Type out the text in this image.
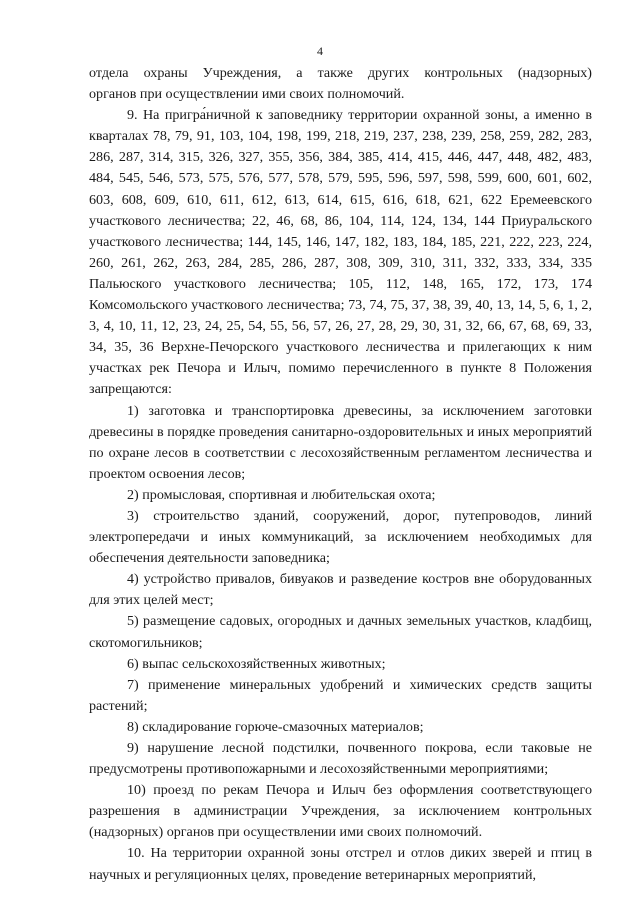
4

отдела охраны Учреждения, а также других контрольных (надзорных)
органов при осуществлении ими своих полномочий.

9. На пригра́ничной к заповеднику территории охранной зоны, а именно в кварталах 78, 79, 91, 103, 104, 198, 199, 218, 219, 237, 238, 239, 258, 259, 282, 283, 286, 287, 314, 315, 326, 327, 355, 356, 384, 385, 414, 415, 446, 447, 448, 482, 483, 484, 545, 546, 573, 575, 576, 577, 578, 579, 595, 596, 597, 598, 599, 600, 601, 602, 603, 608, 609, 610, 611, 612, 613, 614, 615, 616, 618, 621, 622 Еремеевского участкового лесничества; 22, 46, 68, 86, 104, 114, 124, 134, 144 Приуральского участкового лесничества; 144, 145, 146, 147, 182, 183, 184, 185, 221, 222, 223, 224, 260, 261, 262, 263, 284, 285, 286, 287, 308, 309, 310, 311, 332, 333, 334, 335 Пальюского участкового лесничества; 105, 112, 148, 165, 172, 173, 174 Комсомольского участкового лесничества; 73, 74, 75, 37, 38, 39, 40, 13, 14, 5, 6, 1, 2, 3, 4, 10, 11, 12, 23, 24, 25, 54, 55, 56, 57, 26, 27, 28, 29, 30, 31, 32, 66, 67, 68, 69, 33, 34, 35, 36 Верхне-Печорского участкового лесничества и прилегающих к ним участках рек Печора и Илыч, помимо перечисленного в пункте 8 Положения запрещаются:

1) заготовка и транспортировка древесины, за исключением заготовки древесины в порядке проведения санитарно-оздоровительных и иных мероприятий по охране лесов в соответствии с лесохозяйственным регламентом лесничества и проектом освоения лесов;

2) промысловая, спортивная и любительская охота;

3) строительство зданий, сооружений, дорог, путепроводов, линий электропередачи и иных коммуникаций, за исключением необходимых для обеспечения деятельности заповедника;

4) устройство привалов, бивуаков и разведение костров вне оборудованных для этих целей мест;

5) размещение садовых, огородных и дачных земельных участков, кладбищ, скотомогильников;

6) выпас сельскохозяйственных животных;

7) применение минеральных удобрений и химических средств защиты растений;

8) складирование горюче-смазочных материалов;

9) нарушение лесной подстилки, почвенного покрова, если таковые не предусмотрены противопожарными и лесохозяйственными мероприятиями;

10) проезд по рекам Печора и Илыч без оформления соответствующего разрешения в администрации Учреждения, за исключением контрольных (надзорных) органов при осуществлении ими своих полномочий.

10. На территории охранной зоны отстрел и отлов диких зверей и птиц в научных и регуляционных целях, проведение ветеринарных мероприятий,
